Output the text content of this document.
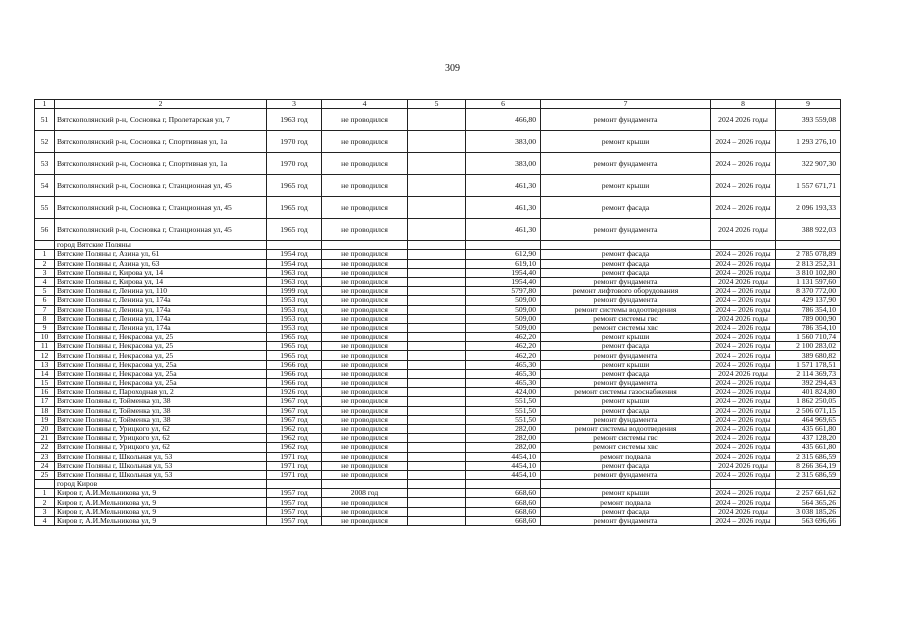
309
1	2	3	4	5	6	7	8	9
51	Вятскополянский р-н, Сосновка г, Пролетарская ул, 7	1963 год	не проводился		466,80	ремонт фундамента	2024 2026 годы	393 559,08
52	Вятскополянский р-н, Сосновка г, Спортивная ул, 1а	1970 год	не проводился		383,00	ремонт крыши	2024 – 2026 годы	1 293 276,10
53	Вятскополянский р-н, Сосновка г, Спортивная ул, 1а	1970 год	не проводился		383,00	ремонт фундамента	2024 – 2026 годы	322 907,30
54	Вятскополянский р-н, Сосновка г, Станционная ул, 45	1965 год	не проводился		461,30	ремонт крыши	2024 – 2026 годы	1 557 671,71
55	Вятскополянский р-н, Сосновка г, Станционная ул, 45	1965 год	не проводился		461,30	ремонт фасада	2024 – 2026 годы	2 096 193,33
56	Вятскополянский р-н, Сосновка г, Станционная ул, 45	1965 год	не проводился		461,30	ремонт фундамента	2024 2026 годы	388 922,03
	город Вятские Поляны							
1	Вятские Поляны г, Азина ул, 61	1954 год	не проводился		612,90	ремонт фасада	2024 – 2026 годы	2 785 078,89
2	Вятские Поляны г, Азина ул, 63	1954 год	не проводился		619,10	ремонт фасада	2024 – 2026 годы	2 813 252,31
3	Вятские Поляны г, Кирова ул, 14	1963 год	не проводился		1954,40	ремонт фасада	2024 – 2026 годы	3 810 102,80
4	Вятские Поляны г, Кирова ул, 14	1963 год	не проводился		1954,40	ремонт фундамента	2024 2026 годы	1 131 597,60
5	Вятские Поляны г, Ленина ул, 110	1999 год	не проводился		5797,80	ремонт лифтового оборудования	2024 – 2026 годы	8 370 772,00
6	Вятские Поляны г, Ленина ул, 174а	1953 год	не проводился		509,00	ремонт фундамента	2024 – 2026 годы	429 137,90
7	Вятские Поляны г, Ленина ул, 174а	1953 год	не проводился		509,00	ремонт системы водоотведения	2024 – 2026 годы	786 354,10
8	Вятские Поляны г, Ленина ул, 174а	1953 год	не проводился		509,00	ремонт системы гвс	2024 2026 годы	789 000,90
9	Вятские Поляны г, Ленина ул, 174а	1953 год	не проводился		509,00	ремонт системы хвс	2024 – 2026 годы	786 354,10
10	Вятские Поляны г, Некрасова ул, 25	1965 год	не проводился		462,20	ремонт крыши	2024 – 2026 годы	1 560 710,74
11	Вятские Поляны г, Некрасова ул, 25	1965 год	не проводился		462,20	ремонт фасада	2024 – 2026 годы	2 100 283,02
12	Вятские Поляны г, Некрасова ул, 25	1965 год	не проводился		462,20	ремонт фундамента	2024 – 2026 годы	389 680,82
13	Вятские Поляны г, Некрасова ул, 25а	1966 год	не проводился		465,30	ремонт крыши	2024 – 2026 годы	1 571 178,51
14	Вятские Поляны г, Некрасова ул, 25а	1966 год	не проводился		465,30	ремонт фасада	2024 2026 годы	2 114 369,73
15	Вятские Поляны г, Некрасова ул, 25а	1966 год	не проводился		465,30	ремонт фундамента	2024 – 2026 годы	392 294,43
16	Вятские Поляны г, Пароходная ул, 2	1926 год	не проводился		424,00	ремонт системы газоснабжения	2024 – 2026 годы	401 824,80
17	Вятские Поляны г, Тойменка ул, 38	1967 год	не проводился		551,50	ремонт крыши	2024 – 2026 годы	1 862 250,05
18	Вятские Поляны г, Тойменка ул, 38	1967 год	не проводился		551,50	ремонт фасада	2024 – 2026 годы	2 506 071,15
19	Вятские Поляны г, Тойменка ул, 38	1967 год	не проводился		551,50	ремонт фундамента	2024 – 2026 годы	464 969,65
20	Вятские Поляны г, Урицкого ул, 62	1962 год	не проводился		282,00	ремонт системы водоотведения	2024 – 2026 годы	435 661,80
21	Вятские Поляны г, Урицкого ул, 62	1962 год	не проводился		282,00	ремонт системы гвс	2024 – 2026 годы	437 128,20
22	Вятские Поляны г, Урицкого ул, 62	1962 год	не проводился		282,00	ремонт системы хвс	2024 – 2026 годы	435 661,80
23	Вятские Поляны г, Школьная ул, 53	1971 год	не проводился		4454,10	ремонт подвала	2024 – 2026 годы	2 315 686,59
24	Вятские Поляны г, Школьная ул, 53	1971 год	не проводился		4454,10	ремонт фасада	2024 2026 годы	8 266 364,19
25	Вятские Поляны г, Школьная ул, 53	1971 год	не проводился		4454,10	ремонт фундамента	2024 – 2026 годы	2 315 686,59
	город Киров							
1	Киров г, А.И.Мельникова ул, 9	1957 год	2008 год		668,60	ремонт крыши	2024 – 2026 годы	2 257 661,62
2	Киров г, А.И.Мельникова ул, 9	1957 год	не проводился		668,60	ремонт подвала	2024 – 2026 годы	564 365,26
3	Киров г, А.И.Мельникова ул, 9	1957 год	не проводился		668,60	ремонт фасада	2024 2026 годы	3 038 185,26
4	Киров г, А.И.Мельникова ул, 9	1957 год	не проводился		668,60	ремонт фундамента	2024 – 2026 годы	563 696,66
